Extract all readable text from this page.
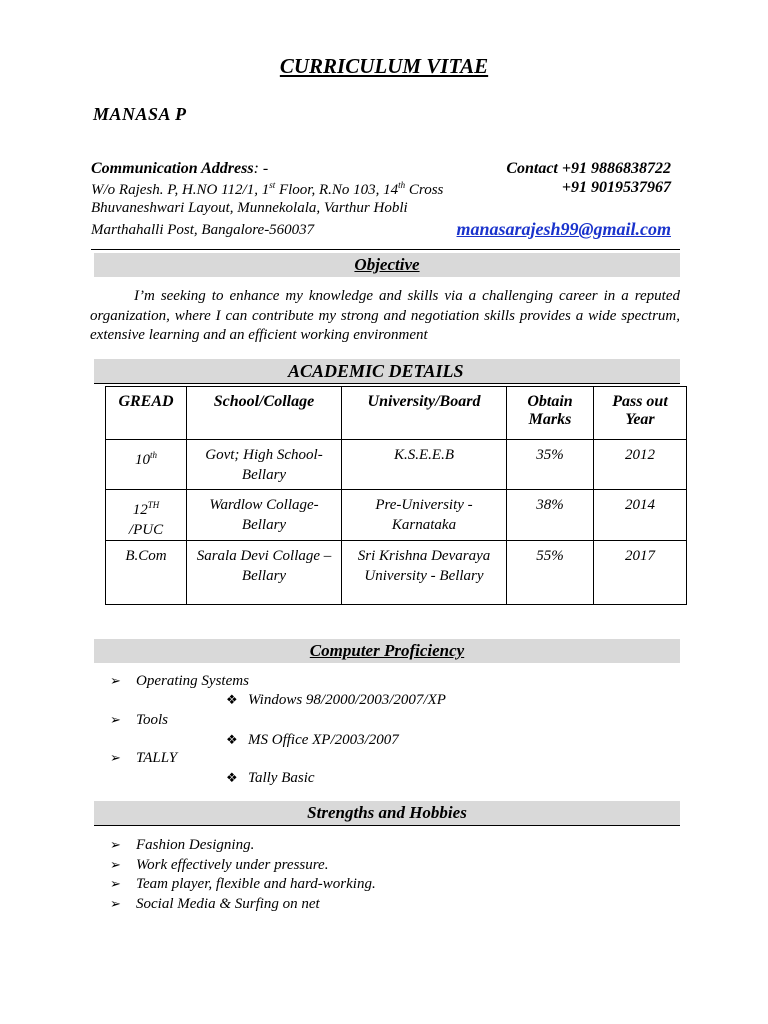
CURRICULUM VITAE
MANASA P
Communication Address: -
W/o Rajesh. P, H.NO 112/1, 1st Floor, R.No 103, 14th Cross
Bhuvaneshwari Layout, Munnekolala, Varthur Hobli
Marthahalli Post, Bangalore-560037
Contact +91 9886838722
+91 9019537967
manasarajesh99@gmail.com
Objective
I’m seeking to enhance my knowledge and skills via a challenging career in a reputed organization, where I can contribute my strong and negotiation skills provides a wide spectrum, extensive learning and an efficient working environment
ACADEMIC DETAILS
GREAD	School/Collage	University/Board	Obtain Marks	Pass out Year
10th	Govt; High School-Bellary	K.S.E.E.B	35%	2012
12TH
/PUC	Wardlow Collage-Bellary	Pre-University - Karnataka	38%	2014
B.Com	Sarala Devi Collage – Bellary	Sri Krishna Devaraya University - Bellary	55%	2017
Computer Proficiency
➢ Operating Systems
❖ Windows 98/2000/2003/2007/XP
➢ Tools
❖ MS Office XP/2003/2007
➢ TALLY
❖ Tally Basic
Strengths and Hobbies
➢ Fashion Designing.
➢ Work effectively under pressure.
➢ Team player, flexible and hard-working.
➢ Social Media & Surfing on net
